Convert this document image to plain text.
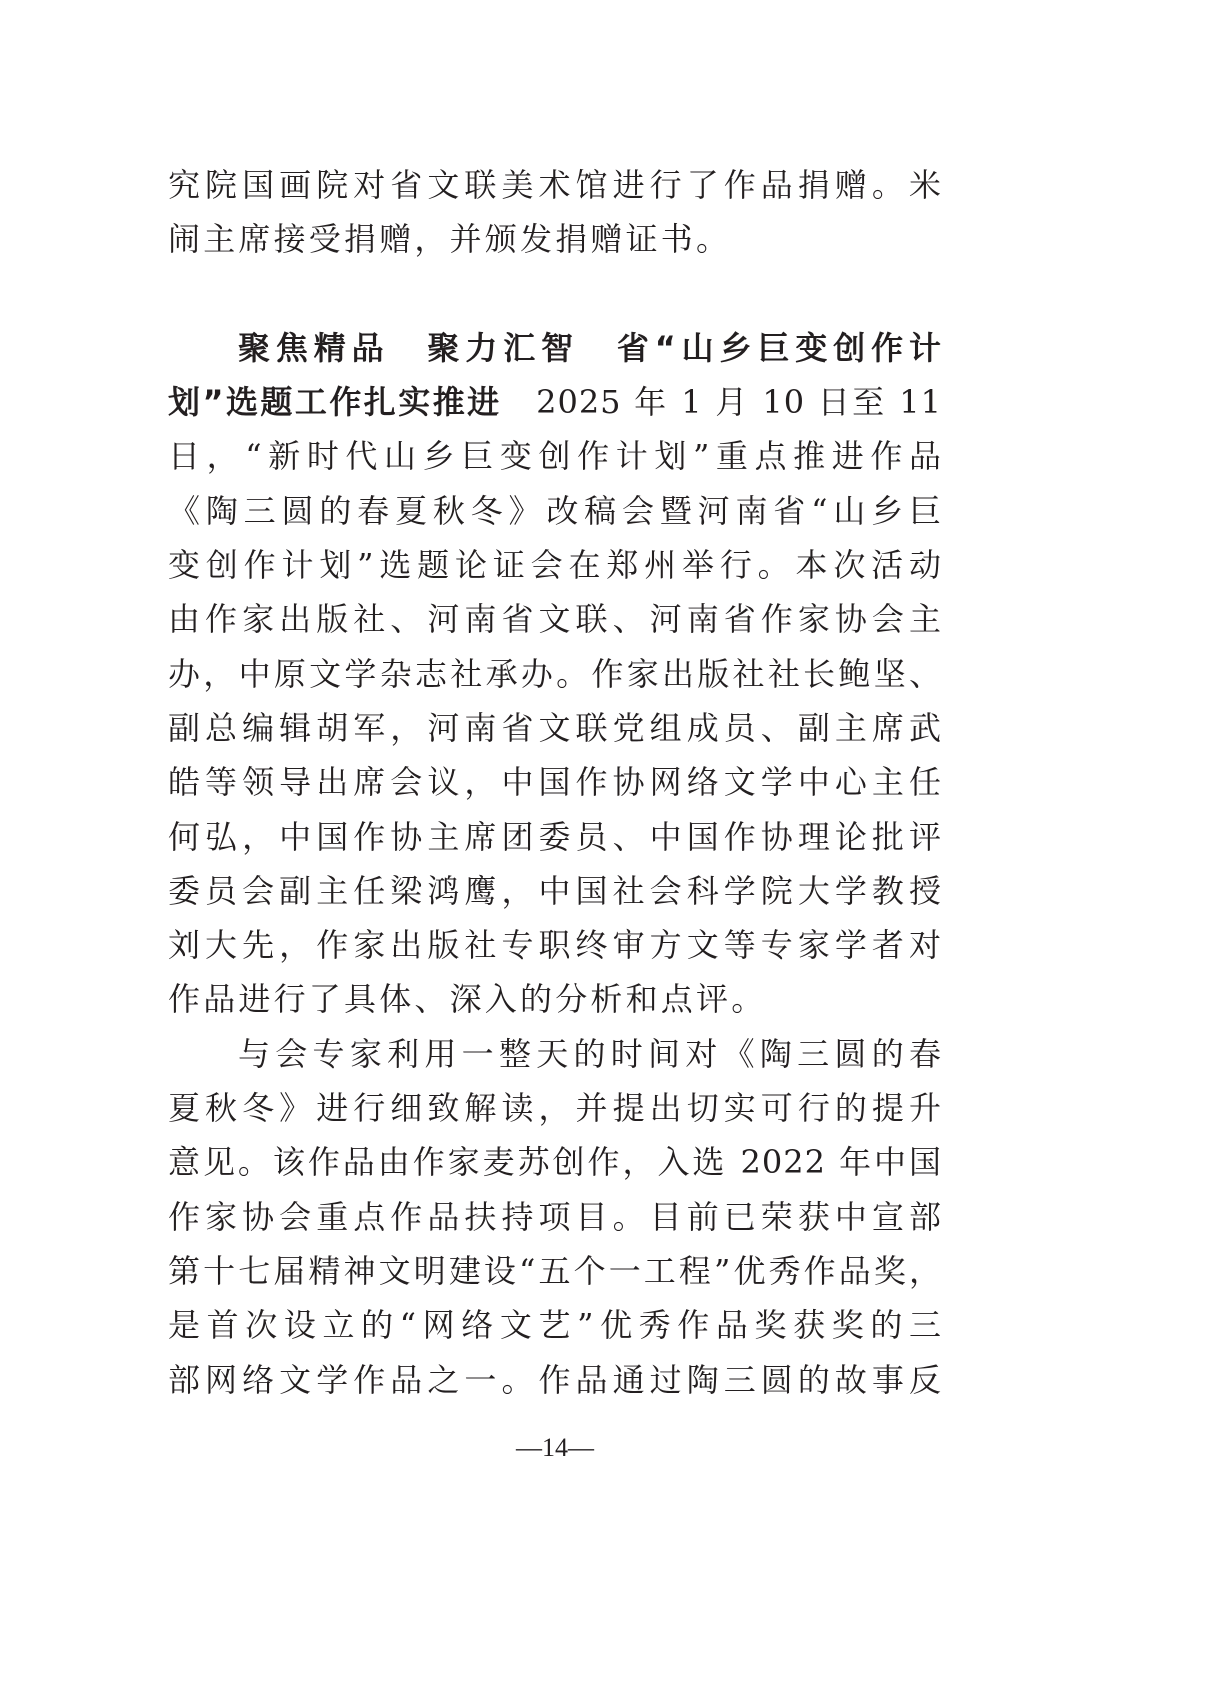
究院国画院对省文联美术馆进行了作品捐赠。米
闹主席接受捐赠，并颁发捐赠证书。
聚焦精品　聚力汇智　省“山乡巨变创作计
划”选题工作扎实推进　2025 年 1 月 10 日至 11
日，“新时代山乡巨变创作计划”重点推进作品
《陶三圆的春夏秋冬》改稿会暨河南省“山乡巨
变创作计划”选题论证会在郑州举行。本次活动
由作家出版社、河南省文联、河南省作家协会主
办，中原文学杂志社承办。作家出版社社长鲍坚、
副总编辑胡军，河南省文联党组成员、副主席武
皓等领导出席会议，中国作协网络文学中心主任
何弘，中国作协主席团委员、中国作协理论批评
委员会副主任梁鸿鹰，中国社会科学院大学教授
刘大先，作家出版社专职终审方文等专家学者对
作品进行了具体、深入的分析和点评。
与会专家利用一整天的时间对《陶三圆的春
夏秋冬》进行细致解读，并提出切实可行的提升
意见。该作品由作家麦苏创作，入选 2022 年中国
作家协会重点作品扶持项目。目前已荣获中宣部
第十七届精神文明建设“五个一工程”优秀作品奖，
是首次设立的“网络文艺”优秀作品奖获奖的三
部网络文学作品之一。作品通过陶三圆的故事反
—14—
